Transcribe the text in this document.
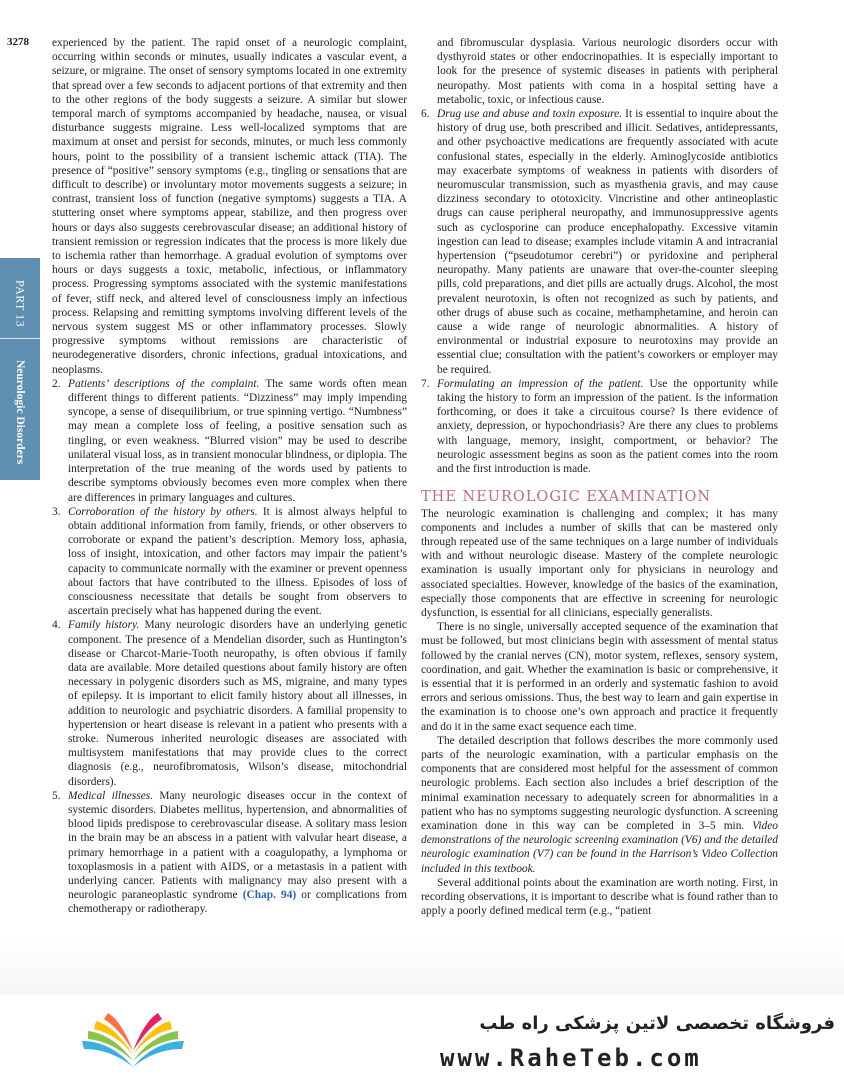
3278
PART 13
Neurologic Disorders

experienced by the patient. The rapid onset of a neurologic complaint, occurring within seconds or minutes, usually indicates a vascular event, a seizure, or migraine. The onset of sensory symptoms located in one extremity that spread over a few seconds to adjacent portions of that extremity and then to the other regions of the body suggests a seizure. A similar but slower temporal march of symptoms accompanied by headache, nausea, or visual disturbance suggests migraine. Less well-localized symptoms that are maximum at onset and persist for seconds, minutes, or much less commonly hours, point to the possibility of a transient ischemic attack (TIA). The presence of “positive” sensory symptoms (e.g., tingling or sensations that are difficult to describe) or involuntary motor movements suggests a seizure; in contrast, transient loss of function (negative symptoms) suggests a TIA. A stuttering onset where symptoms appear, stabilize, and then progress over hours or days also suggests cerebrovascular disease; an additional history of transient remission or regression indicates that the process is more likely due to ischemia rather than hemorrhage. A gradual evolution of symptoms over hours or days suggests a toxic, metabolic, infectious, or inflammatory process. Progressing symptoms associated with the systemic manifestations of fever, stiff neck, and altered level of consciousness imply an infectious process. Relapsing and remitting symptoms involving different levels of the nervous system suggest MS or other inflammatory processes. Slowly progressive symptoms without remissions are characteristic of neurodegenerative disorders, chronic infections, gradual intoxications, and neoplasms.

2. Patients’ descriptions of the complaint. The same words often mean different things to different patients. “Dizziness” may imply impending syncope, a sense of disequilibrium, or true spinning vertigo. “Numbness” may mean a complete loss of feeling, a positive sensation such as tingling, or even weakness. “Blurred vision” may be used to describe unilateral visual loss, as in transient monocular blindness, or diplopia. The interpretation of the true meaning of the words used by patients to describe symptoms obviously becomes even more complex when there are differences in primary languages and cultures.
3. Corroboration of the history by others. It is almost always helpful to obtain additional information from family, friends, or other observers to corroborate or expand the patient’s description. Memory loss, aphasia, loss of insight, intoxication, and other factors may impair the patient’s capacity to communicate normally with the examiner or prevent openness about factors that have contributed to the illness. Episodes of loss of consciousness necessitate that details be sought from observers to ascertain precisely what has happened during the event.
4. Family history. Many neurologic disorders have an underlying genetic component. The presence of a Mendelian disorder, such as Huntington’s disease or Charcot-Marie-Tooth neuropathy, is often obvious if family data are available. More detailed questions about family history are often necessary in polygenic disorders such as MS, migraine, and many types of epilepsy. It is important to elicit family history about all illnesses, in addition to neurologic and psychiatric disorders. A familial propensity to hypertension or heart disease is relevant in a patient who presents with a stroke. Numerous inherited neurologic diseases are associated with multisystem manifestations that may provide clues to the correct diagnosis (e.g., neurofibromatosis, Wilson’s disease, mitochondrial disorders).
5. Medical illnesses. Many neurologic diseases occur in the context of systemic disorders. Diabetes mellitus, hypertension, and abnormalities of blood lipids predispose to cerebrovascular disease. A solitary mass lesion in the brain may be an abscess in a patient with valvular heart disease, a primary hemorrhage in a patient with a coagulopathy, a lymphoma or toxoplasmosis in a patient with AIDS, or a metastasis in a patient with underlying cancer. Patients with malignancy may also present with a neurologic paraneoplastic syndrome (Chap. 94) or complications from chemotherapy or radiotherapy.

and fibromuscular dysplasia. Various neurologic disorders occur with dysthyroid states or other endocrinopathies. It is especially important to look for the presence of systemic diseases in patients with peripheral neuropathy. Most patients with coma in a hospital setting have a metabolic, toxic, or infectious cause.

6. Drug use and abuse and toxin exposure. It is essential to inquire about the history of drug use, both prescribed and illicit. Sedatives, antidepressants, and other psychoactive medications are frequently associated with acute confusional states, especially in the elderly. Aminoglycoside antibiotics may exacerbate symptoms of weakness in patients with disorders of neuromuscular transmission, such as myasthenia gravis, and may cause dizziness secondary to ototoxicity. Vincristine and other antineoplastic drugs can cause peripheral neuropathy, and immunosuppressive agents such as cyclosporine can produce encephalopathy. Excessive vitamin ingestion can lead to disease; examples include vitamin A and intracranial hypertension (“pseudotumor cerebri”) or pyridoxine and peripheral neuropathy. Many patients are unaware that over-the-counter sleeping pills, cold preparations, and diet pills are actually drugs. Alcohol, the most prevalent neurotoxin, is often not recognized as such by patients, and other drugs of abuse such as cocaine, methamphetamine, and heroin can cause a wide range of neurologic abnormalities. A history of environmental or industrial exposure to neurotoxins may provide an essential clue; consultation with the patient’s coworkers or employer may be required.
7. Formulating an impression of the patient. Use the opportunity while taking the history to form an impression of the patient. Is the information forthcoming, or does it take a circuitous course? Is there evidence of anxiety, depression, or hypochondriasis? Are there any clues to problems with language, memory, insight, comportment, or behavior? The neurologic assessment begins as soon as the patient comes into the room and the first introduction is made.
THE NEUROLOGIC EXAMINATION

The neurologic examination is challenging and complex; it has many components and includes a number of skills that can be mastered only through repeated use of the same techniques on a large number of individuals with and without neurologic disease. Mastery of the complete neurologic examination is usually important only for physicians in neurology and associated specialties. However, knowledge of the basics of the examination, especially those components that are effective in screening for neurologic dysfunction, is essential for all clinicians, especially generalists.

There is no single, universally accepted sequence of the examination that must be followed, but most clinicians begin with assessment of mental status followed by the cranial nerves (CN), motor system, reflexes, sensory system, coordination, and gait. Whether the examination is basic or comprehensive, it is essential that it is performed in an orderly and systematic fashion to avoid errors and serious omissions. Thus, the best way to learn and gain expertise in the examination is to choose one’s own approach and practice it frequently and do it in the same exact sequence each time.

The detailed description that follows describes the more commonly used parts of the neurologic examination, with a particular emphasis on the components that are considered most helpful for the assessment of common neurologic problems. Each section also includes a brief description of the minimal examination necessary to adequately screen for abnormalities in a patient who has no symptoms suggesting neurologic dysfunction. A screening examination done in this way can be completed in 3–5 min. Video demonstrations of the neurologic screening examination (V6) and the detailed neurologic examination (V7) can be found in the Harrison’s Video Collection included in this textbook.

Several additional points about the examination are worth noting. First, in recording observations, it is important to describe what is found rather than to apply a poorly defined medical term (e.g., “patient

فروشگاه تخصصی لاتین پزشکی راه طب
www.RaheTeb.com
